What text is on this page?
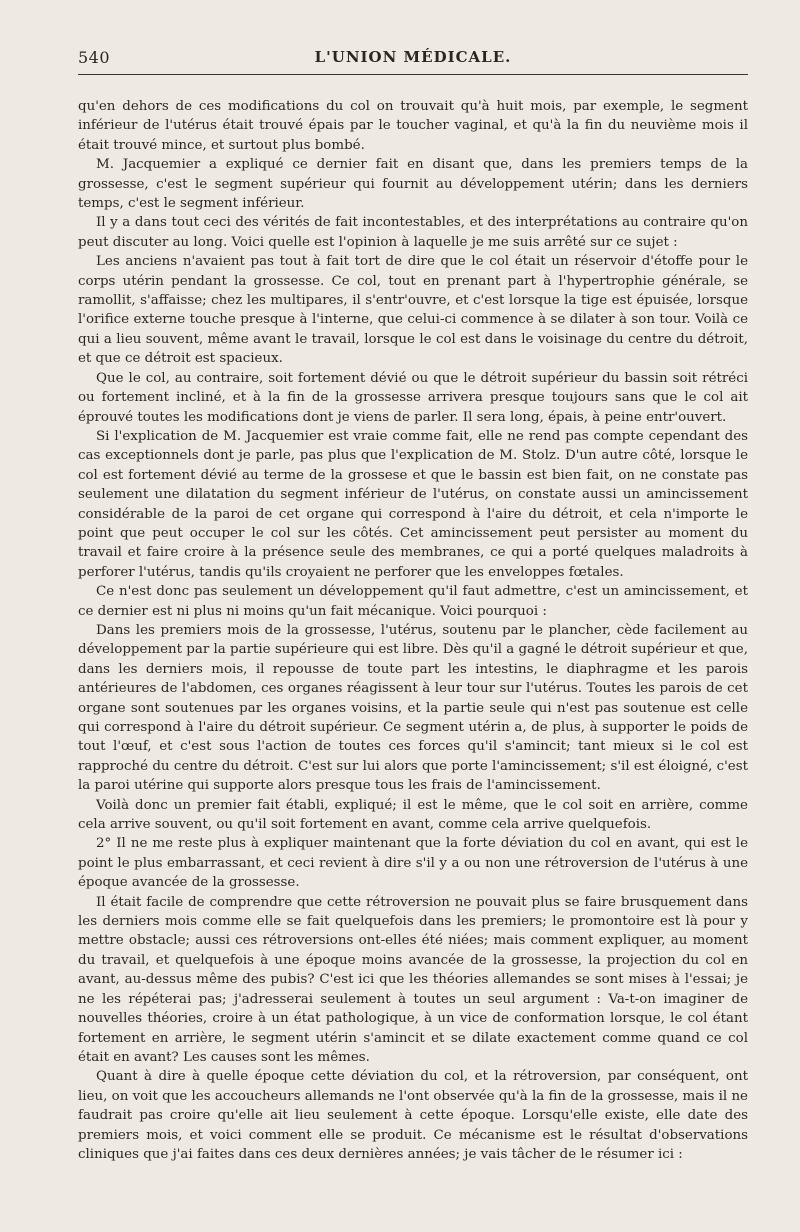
540	L'UNION MÉDICALE.

qu'en dehors de ces modifications du col on trouvait qu'à huit mois, par exemple, le segment inférieur de l'utérus était trouvé épais par le toucher vaginal, et qu'à la fin du neuvième mois il était trouvé mince, et surtout plus bombé.

M. Jacquemier a expliqué ce dernier fait en disant que, dans les premiers temps de la grossesse, c'est le segment supérieur qui fournit au développement utérin; dans les derniers temps, c'est le segment inférieur.

Il y a dans tout ceci des vérités de fait incontestables, et des interprétations au contraire qu'on peut discuter au long. Voici quelle est l'opinion à laquelle je me suis arrêté sur ce sujet :

Les anciens n'avaient pas tout à fait tort de dire que le col était un réservoir d'étoffe pour le corps utérin pendant la grossesse. Ce col, tout en prenant part à l'hypertrophie générale, se ramollit, s'affaisse; chez les multipares, il s'entr'ouvre, et c'est lorsque la tige est épuisée, lorsque l'orifice externe touche presque à l'interne, que celui-ci commence à se dilater à son tour. Voilà ce qui a lieu souvent, même avant le travail, lorsque le col est dans le voisinage du centre du détroit, et que ce détroit est spacieux.

Que le col, au contraire, soit fortement dévié ou que le détroit supérieur du bassin soit rétréci ou fortement incliné, et à la fin de la grossesse arrivera presque toujours sans que le col ait éprouvé toutes les modifications dont je viens de parler. Il sera long, épais, à peine entr'ouvert.

Si l'explication de M. Jacquemier est vraie comme fait, elle ne rend pas compte cependant des cas exceptionnels dont je parle, pas plus que l'explication de M. Stolz. D'un autre côté, lorsque le col est fortement dévié au terme de la grossese et que le bassin est bien fait, on ne constate pas seulement une dilatation du segment inférieur de l'utérus, on constate aussi un amincissement considérable de la paroi de cet organe qui correspond à l'aire du détroit, et cela n'importe le point que peut occuper le col sur les côtés. Cet amincissement peut persister au moment du travail et faire croire à la présence seule des membranes, ce qui a porté quelques maladroits à perforer l'utérus, tandis qu'ils croyaient ne perforer que les enveloppes fœtales.

Ce n'est donc pas seulement un développement qu'il faut admettre, c'est un amincissement, et ce dernier est ni plus ni moins qu'un fait mécanique. Voici pourquoi :

Dans les premiers mois de la grossesse, l'utérus, soutenu par le plancher, cède facilement au développement par la partie supérieure qui est libre. Dès qu'il a gagné le détroit supérieur et que, dans les derniers mois, il repousse de toute part les intestins, le diaphragme et les parois antérieures de l'abdomen, ces organes réagissent à leur tour sur l'utérus. Toutes les parois de cet organe sont soutenues par les organes voisins, et la partie seule qui n'est pas soutenue est celle qui correspond à l'aire du détroit supérieur. Ce segment utérin a, de plus, à supporter le poids de tout l'œuf, et c'est sous l'action de toutes ces forces qu'il s'amincit; tant mieux si le col est rapproché du centre du détroit. C'est sur lui alors que porte l'amincissement; s'il est éloigné, c'est la paroi utérine qui supporte alors presque tous les frais de l'amincissement.

Voilà donc un premier fait établi, expliqué; il est le même, que le col soit en arrière, comme cela arrive souvent, ou qu'il soit fortement en avant, comme cela arrive quelquefois.

2° Il ne me reste plus à expliquer maintenant que la forte déviation du col en avant, qui est le point le plus embarrassant, et ceci revient à dire s'il y a ou non une rétroversion de l'utérus à une époque avancée de la grossesse.

Il était facile de comprendre que cette rétroversion ne pouvait plus se faire brusquement dans les derniers mois comme elle se fait quelquefois dans les premiers; le promontoire est là pour y mettre obstacle; aussi ces rétroversions ont-elles été niées; mais comment expliquer, au moment du travail, et quelquefois à une époque moins avancée de la grossesse, la projection du col en avant, au-dessus même des pubis? C'est ici que les théories allemandes se sont mises à l'essai; je ne les répéterai pas; j'adresserai seulement à toutes un seul argument : Va-t-on imaginer de nouvelles théories, croire à un état pathologique, à un vice de conformation lorsque, le col étant fortement en arrière, le segment utérin s'amincit et se dilate exactement comme quand ce col était en avant? Les causes sont les mêmes.

Quant à dire à quelle époque cette déviation du col, et la rétroversion, par conséquent, ont lieu, on voit que les accoucheurs allemands ne l'ont observée qu'à la fin de la grossesse, mais il ne faudrait pas croire qu'elle ait lieu seulement à cette époque. Lorsqu'elle existe, elle date des premiers mois, et voici comment elle se produit. Ce mécanisme est le résultat d'observations cliniques que j'ai faites dans ces deux dernières années; je vais tâcher de le résumer ici :
